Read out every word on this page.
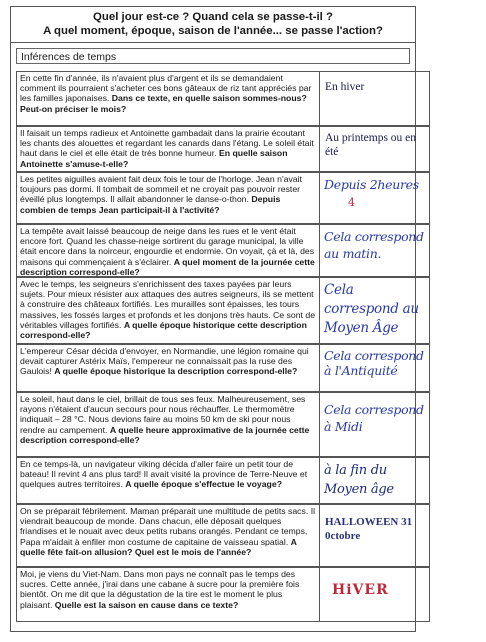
Quel jour est-ce ? Quand cela se passe-t-il ?
A quel moment, époque, saison de l'année... se passe l'action?
Inférences de temps
En cette fin d'année, ils n'avaient plus d'argent et ils se demandaient comment ils pourraient s'acheter ces bons gâteaux de riz tant appréciés par les familles japonaises. Dans ce texte, en quelle saison sommes-nous? Peut-on préciser le mois?
En hiver
Il faisait un temps radieux et Antoinette gambadait dans la prairie écoutant les chants des alouettes et regardant les canards dans l'étang. Le soleil était haut dans le ciel et elle était de très bonne humeur. En quelle saison Antoinette s'amuse-t-elle?
Au printemps ou en été
Les petites aiguilles avaient fait deux fois le tour de l'horloge. Jean n'avait toujours pas dormi. Il tombait de sommeil et ne croyait pas pouvoir rester éveillé plus longtemps. Il allait abandonner le danse-o-thon. Depuis combien de temps Jean participait-il à l'activité?
Depuis 2heures
4
La tempête avait laissé beaucoup de neige dans les rues et le vent était encore fort. Quand les chasse-neige sortirent du garage municipal, la ville était encore dans la noirceur, engourdie et endormie. On voyait, çà et là, des maisons qui commençaient à s'éclairer. A quel moment de la journée cette description correspond-elle?
Cela correspond au matin.
Avec le temps, les seigneurs s'enrichissent des taxes payées par leurs sujets. Pour mieux résister aux attaques des autres seigneurs, ils se mettent à construire des châteaux fortifiés. Les murailles sont épaisses, les tours massives, les fossés larges et profonds et les donjons très hauts. Ce sont de véritables villages fortifiés. A quelle époque historique cette description correspond-elle?
Cela correspond au Moyen Âge
L'empereur César décida d'envoyer, en Normandie, une légion romaine qui devait capturer Astérix Maïs, l'empereur ne connaissait pas la ruse des Gaulois! A quelle époque historique la description correspond-elle?
Cela correspond à l'Antiquité
Le soleil, haut dans le ciel, brillait de tous ses feux. Malheureusement, ses rayons n'étaient d'aucun secours pour nous réchauffer. Le thermomètre indiquait – 28 °C. Nous devions faire au moins 50 km de ski pour nous rendre au campement. A quelle heure approximative de la journée cette description correspond-elle?
Cela correspond à Midi
En ce temps-là, un navigateur viking décida d'aller faire un petit tour de bateau! Il revint 4 ans plus tard! Il avait visité la province de Terre-Neuve et quelques autres territoires. A quelle époque s'effectue le voyage?
à la fin du Moyen âge
On se préparait fébrilement. Maman préparait une multitude de petits sacs. Il viendrait beaucoup de monde. Dans chacun, elle déposait quelques friandises et le nouait avec deux petits rubans orangés. Pendant ce temps, Papa m'aidait à enfiler mon costume de capitaine de vaisseau spatial. A quelle fête fait-on allusion? Quel est le mois de l'année?
HALLOWEEN 31 0ctobre
Moi, je viens du Viet-Nam. Dans mon pays ne connaît pas le temps des sucres. Cette année, j'irai dans une cabane à sucre pour la première fois bientôt. On me dit que la dégustation de la tire est le moment le plus plaisant. Quelle est la saison en cause dans ce texte?
HiVER
